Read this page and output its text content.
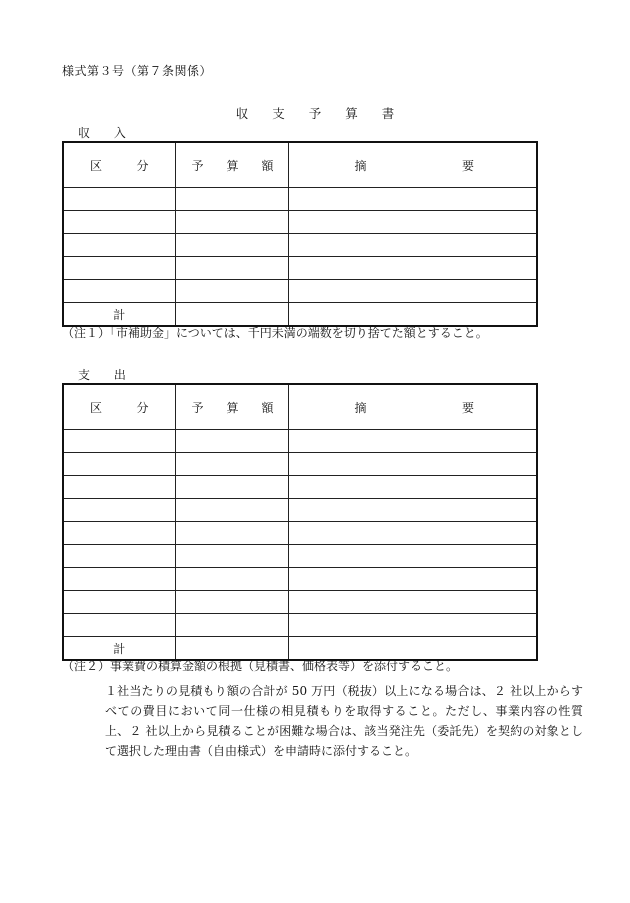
様式第３号（第７条関係）
収 支 予 算 書
収 入
区 分	予 算 額	摘 要

計		
（注１）「市補助金」については、千円未満の端数を切り捨てた額とすること。
支 出
区 分	予 算 額	摘 要

計		
（注２）事業費の積算金額の根拠（見積書、価格表等）を添付すること。
１社当たりの見積もり額の合計が 50 万円（税抜）以上になる場合は、２ 社以上からすべての費目において同一仕様の相見積もりを取得すること。ただし、事業内容の性質上、２ 社以上から見積ることが困難な場合は、該当発注先（委託先）を契約の対象として選択した理由書（自由様式）を申請時に添付すること。
